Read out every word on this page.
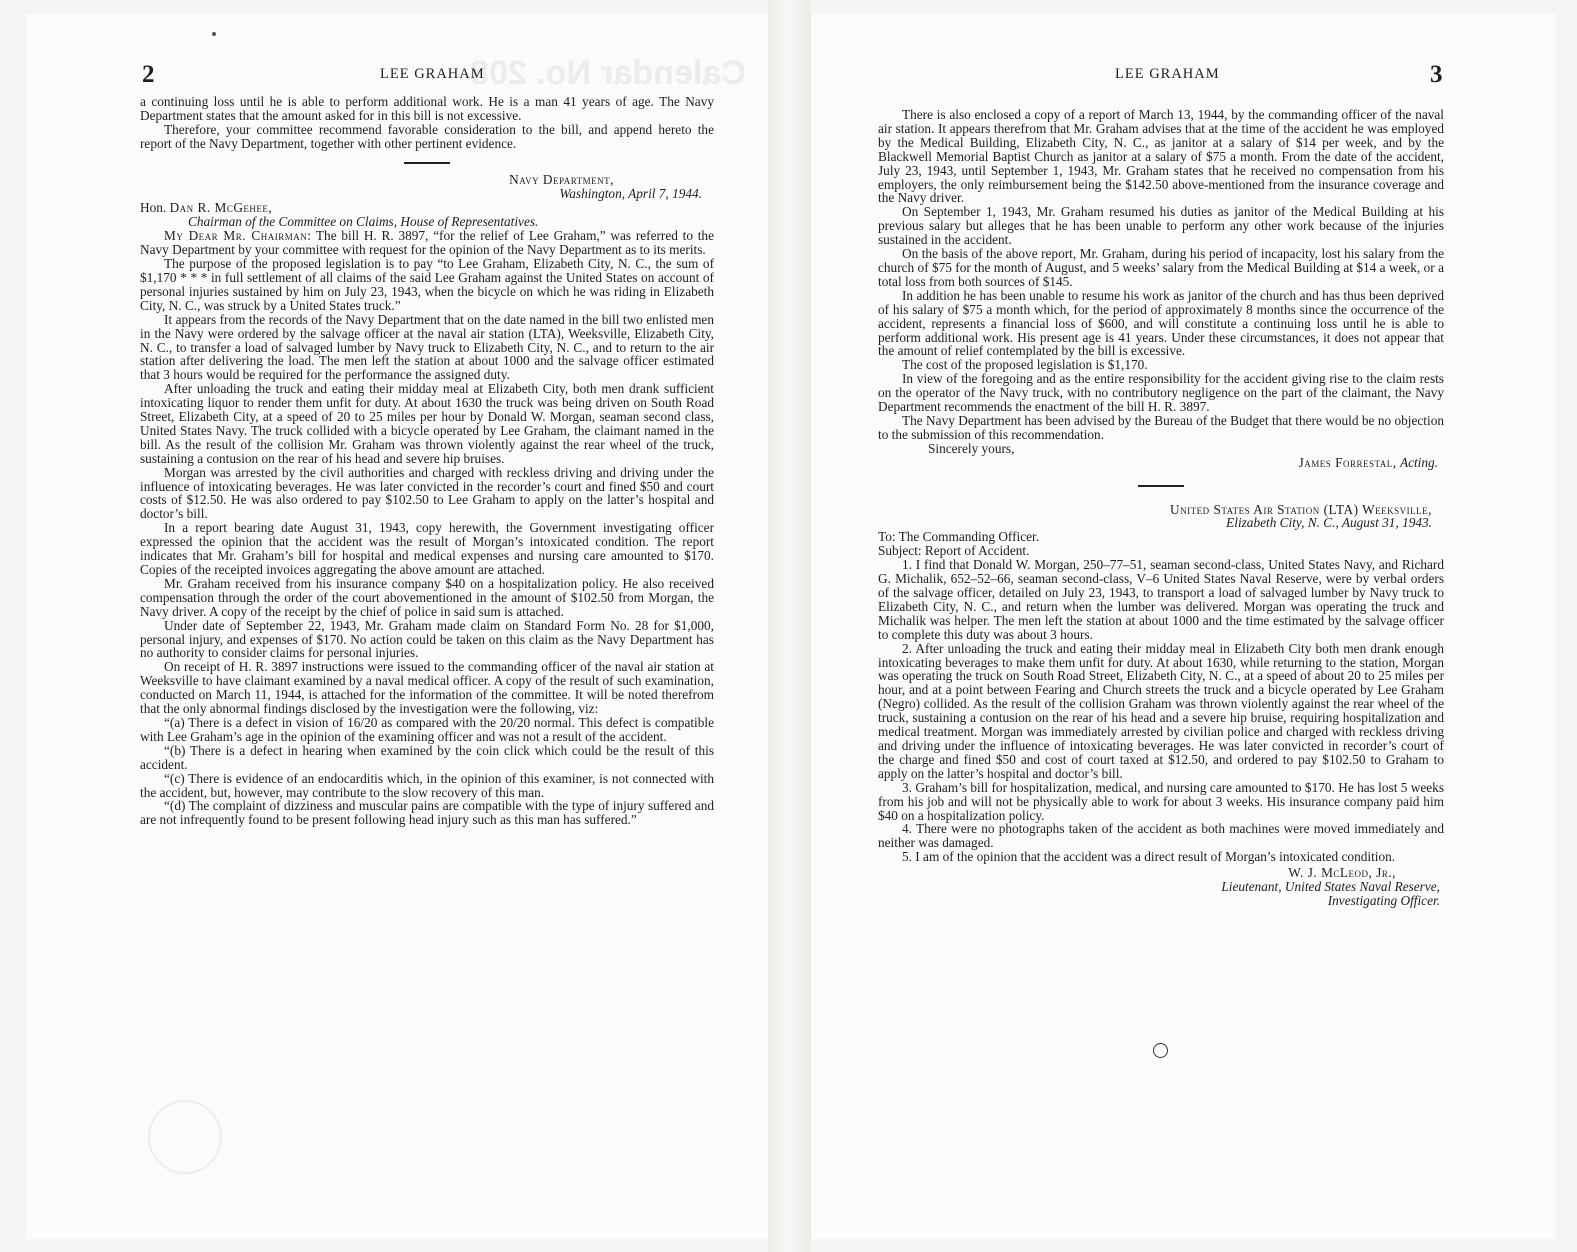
Calendar No. 208
2	LEE GRAHAM

a continuing loss until he is able to perform additional work. He is a man 41 years of age. The Navy Department states that the amount asked for in this bill is not excessive.

Therefore, your committee recommend favorable consideration to the bill, and append hereto the report of the Navy Department, together with other pertinent evidence.

Navy Department,
Washington, April 7, 1944.

Hon. Dan R. McGehee,

Chairman of the Committee on Claims, House of Representatives.

My Dear Mr. Chairman: The bill H. R. 3897, “for the relief of Lee Graham,” was referred to the Navy Department by your committee with request for the opinion of the Navy Department as to its merits.

The purpose of the proposed legislation is to pay “to Lee Graham, Elizabeth City, N. C., the sum of $1,170 * * * in full settlement of all claims of the said Lee Graham against the United States on account of personal injuries sustained by him on July 23, 1943, when the bicycle on which he was riding in Elizabeth City, N. C., was struck by a United States truck.”

It appears from the records of the Navy Department that on the date named in the bill two enlisted men in the Navy were ordered by the salvage officer at the naval air station (LTA), Weeksville, Elizabeth City, N. C., to transfer a load of salvaged lumber by Navy truck to Elizabeth City, N. C., and to return to the air station after delivering the load. The men left the station at about 1000 and the salvage officer estimated that 3 hours would be required for the performance the assigned duty.

After unloading the truck and eating their midday meal at Elizabeth City, both men drank sufficient intoxicating liquor to render them unfit for duty. At about 1630 the truck was being driven on South Road Street, Elizabeth City, at a speed of 20 to 25 miles per hour by Donald W. Morgan, seaman second class, United States Navy. The truck collided with a bicycle operated by Lee Graham, the claimant named in the bill. As the result of the collision Mr. Graham was thrown violently against the rear wheel of the truck, sustaining a contusion on the rear of his head and severe hip bruises.

Morgan was arrested by the civil authorities and charged with reckless driving and driving under the influence of intoxicating beverages. He was later convicted in the recorder’s court and fined $50 and court costs of $12.50. He was also ordered to pay $102.50 to Lee Graham to apply on the latter’s hospital and doctor’s bill.

In a report bearing date August 31, 1943, copy herewith, the Government investigating officer expressed the opinion that the accident was the result of Morgan’s intoxicated condition. The report indicates that Mr. Graham’s bill for hospital and medical expenses and nursing care amounted to $170. Copies of the receipted invoices aggregating the above amount are attached.

Mr. Graham received from his insurance company $40 on a hospitalization policy. He also received compensation through the order of the court abovementioned in the amount of $102.50 from Morgan, the Navy driver. A copy of the receipt by the chief of police in said sum is attached.

Under date of September 22, 1943, Mr. Graham made claim on Standard Form No. 28 for $1,000, personal injury, and expenses of $170. No action could be taken on this claim as the Navy Department has no authority to consider claims for personal injuries.

On receipt of H. R. 3897 instructions were issued to the commanding officer of the naval air station at Weeksville to have claimant examined by a naval medical officer. A copy of the result of such examination, conducted on March 11, 1944, is attached for the information of the committee. It will be noted therefrom that the only abnormal findings disclosed by the investigation were the following, viz:

“(a) There is a defect in vision of 16/20 as compared with the 20/20 normal. This defect is compatible with Lee Graham’s age in the opinion of the examining officer and was not a result of the accident.

“(b) There is a defect in hearing when examined by the coin click which could be the result of this accident.

“(c) There is evidence of an endocarditis which, in the opinion of this examiner, is not connected with the accident, but, however, may contribute to the slow recovery of this man.

“(d) The complaint of dizziness and muscular pains are compatible with the type of injury suffered and are not infrequently found to be present following head injury such as this man has suffered.”

LEE GRAHAM	3

There is also enclosed a copy of a report of March 13, 1944, by the commanding officer of the naval air station. It appears therefrom that Mr. Graham advises that at the time of the accident he was employed by the Medical Building, Elizabeth City, N. C., as janitor at a salary of $14 per week, and by the Blackwell Memorial Baptist Church as janitor at a salary of $75 a month. From the date of the accident, July 23, 1943, until September 1, 1943, Mr. Graham states that he received no compensation from his employers, the only reimbursement being the $142.50 above-mentioned from the insurance coverage and the Navy driver.

On September 1, 1943, Mr. Graham resumed his duties as janitor of the Medical Building at his previous salary but alleges that he has been unable to perform any other work because of the injuries sustained in the accident.

On the basis of the above report, Mr. Graham, during his period of incapacity, lost his salary from the church of $75 for the month of August, and 5 weeks’ salary from the Medical Building at $14 a week, or a total loss from both sources of $145.

In addition he has been unable to resume his work as janitor of the church and has thus been deprived of his salary of $75 a month which, for the period of approximately 8 months since the occurrence of the accident, represents a financial loss of $600, and will constitute a continuing loss until he is able to perform additional work. His present age is 41 years. Under these circumstances, it does not appear that the amount of relief contemplated by the bill is excessive.

The cost of the proposed legislation is $1,170.

In view of the foregoing and as the entire responsibility for the accident giving rise to the claim rests on the operator of the Navy truck, with no contributory negligence on the part of the claimant, the Navy Department recommends the enactment of the bill H. R. 3897.

The Navy Department has been advised by the Bureau of the Budget that there would be no objection to the submission of this recommendation.

Sincerely yours,

James Forrestal, Acting.
United States Air Station (LTA) Weeksville,
Elizabeth City, N. C., August 31, 1943.

To: The Commanding Officer.

Subject: Report of Accident.

1. I find that Donald W. Morgan, 250–77–51, seaman second-class, United States Navy, and Richard G. Michalik, 652–52–66, seaman second-class, V–6 United States Naval Reserve, were by verbal orders of the salvage officer, detailed on July 23, 1943, to transport a load of salvaged lumber by Navy truck to Elizabeth City, N. C., and return when the lumber was delivered. Morgan was operating the truck and Michalik was helper. The men left the station at about 1000 and the time estimated by the salvage officer to complete this duty was about 3 hours.

2. After unloading the truck and eating their midday meal in Elizabeth City both men drank enough intoxicating beverages to make them unfit for duty. At about 1630, while returning to the station, Morgan was operating the truck on South Road Street, Elizabeth City, N. C., at a speed of about 20 to 25 miles per hour, and at a point between Fearing and Church streets the truck and a bicycle operated by Lee Graham (Negro) collided. As the result of the collision Graham was thrown violently against the rear wheel of the truck, sustaining a contusion on the rear of his head and a severe hip bruise, requiring hospitalization and medical treatment. Morgan was immediately arrested by civilian police and charged with reckless driving and driving under the influence of intoxicating beverages. He was later convicted in recorder’s court of the charge and fined $50 and cost of court taxed at $12.50, and ordered to pay $102.50 to Graham to apply on the latter’s hospital and doctor’s bill.

3. Graham’s bill for hospitalization, medical, and nursing care amounted to $170. He has lost 5 weeks from his job and will not be physically able to work for about 3 weeks. His insurance company paid him $40 on a hospitalization policy.

4. There were no photographs taken of the accident as both machines were moved immediately and neither was damaged.

5. I am of the opinion that the accident was a direct result of Morgan’s intoxicated condition.

W. J. McLeod, Jr.,
Lieutenant, United States Naval Reserve,
Investigating Officer.
